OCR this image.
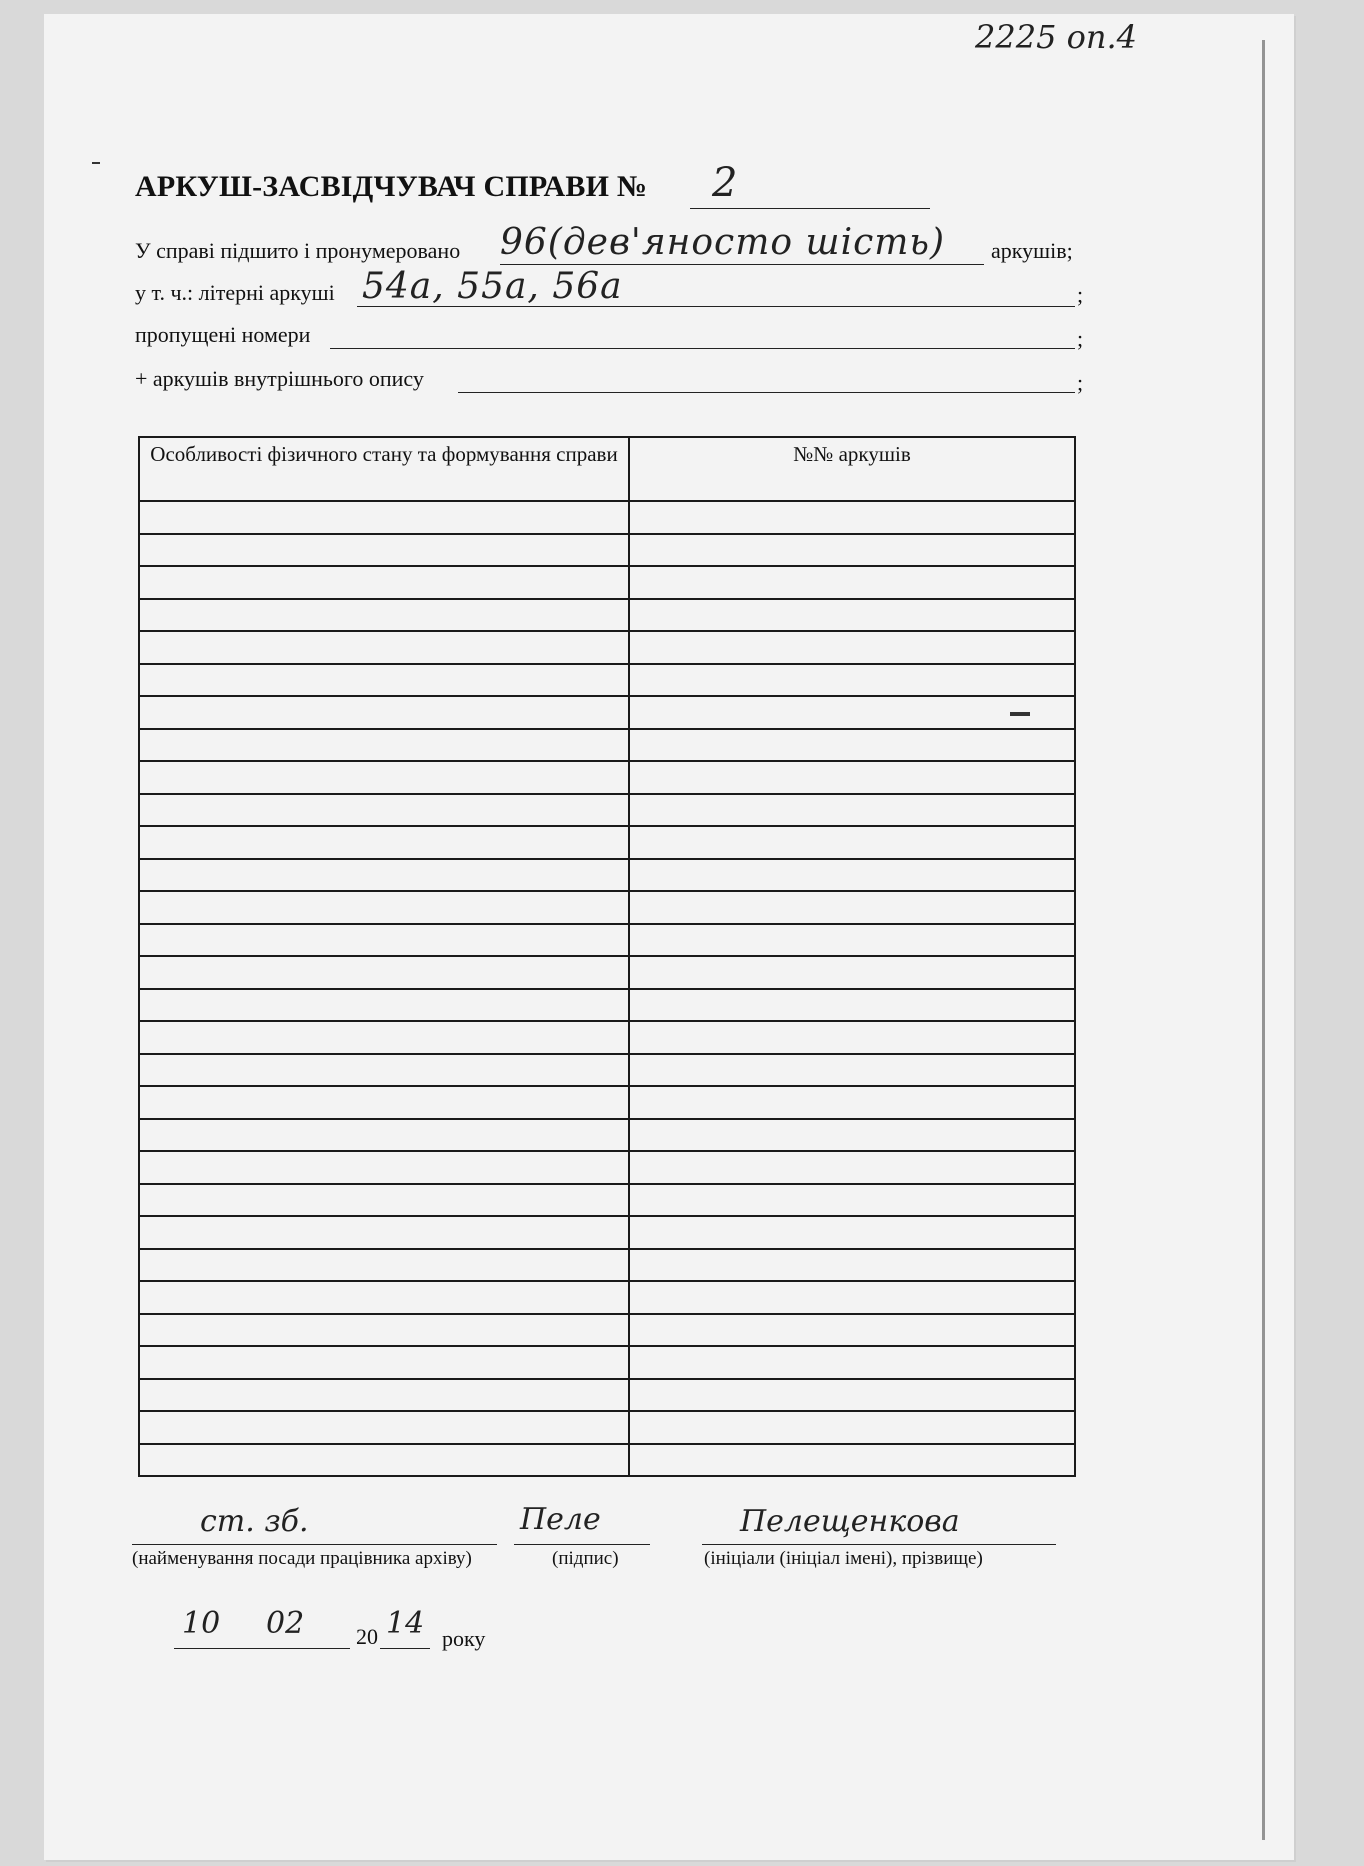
2225 оп.4
АРКУШ-ЗАСВІДЧУВАЧ СПРАВИ № 2
У справі підшито і пронумеровано 96(дев'яносто шість) аркушів;
у т. ч.: літерні аркуші 54а, 55а, 56а	;
пропущені номери	;
+ аркушів внутрішнього опису	;
Особливості фізичного стану та формування справи	№№ аркушів

ст. зб.
(найменування посади працівника архіву)
Пеле
(підпис)
Пелещенкова
(ініціали (ініціал імені), прізвище)
10 02 20 14 року
